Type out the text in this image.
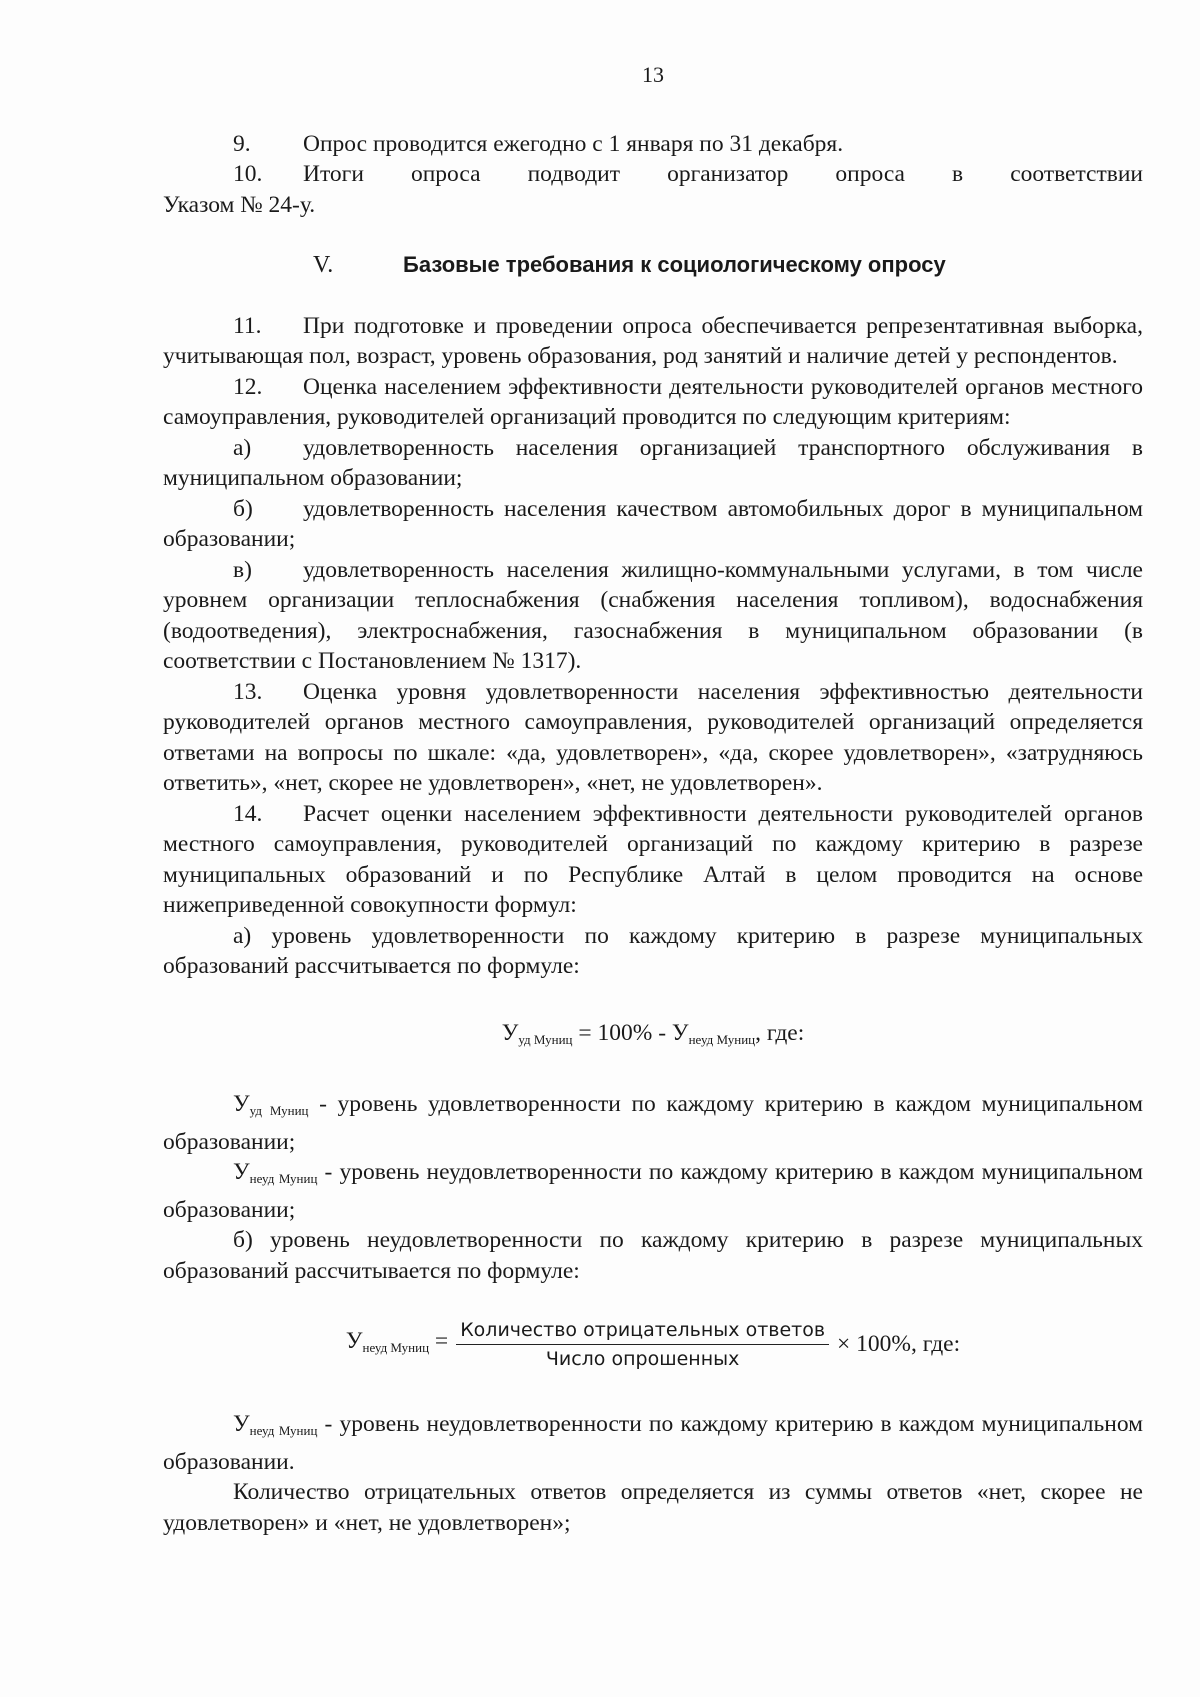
13

9. Опрос проводится ежегодно с 1 января по 31 декабря.

10. Итоги опроса подводит организатор опроса в соответствии

Указом № 24-у.

V.	Базовые требования к социологическому опросу

11. При подготовке и проведении опроса обеспечивается репрезентативная выборка, учитывающая пол, возраст, уровень образования, род занятий и наличие детей у респондентов.

12. Оценка населением эффективности деятельности руководителей органов местного самоуправления, руководителей организаций проводится по следующим критериям:

а) удовлетворенность населения организацией транспортного обслуживания в муниципальном образовании;

б) удовлетворенность населения качеством автомобильных дорог в муниципальном образовании;

в) удовлетворенность населения жилищно-коммунальными услугами, в том числе уровнем организации теплоснабжения (снабжения населения топливом), водоснабжения (водоотведения), электроснабжения, газоснабжения в муниципальном образовании (в соответствии с Постановлением № 1317).

13. Оценка уровня удовлетворенности населения эффективностью деятельности руководителей органов местного самоуправления, руководителей организаций определяется ответами на вопросы по шкале: «да, удовлетворен», «да, скорее удовлетворен», «затрудняюсь ответить», «нет, скорее не удовлетворен», «нет, не удовлетворен».

14. Расчет оценки населением эффективности деятельности руководителей органов местного самоуправления, руководителей организаций по каждому критерию в разрезе муниципальных образований и по Республике Алтай в целом проводится на основе нижеприведенной совокупности формул:

а) уровень удовлетворенности по каждому критерию в разрезе муниципальных образований рассчитывается по формуле:

$У_{уд Муниц} = 100\% - У_{неуд Муниц}$, где:

$У_{уд Муниц}$ - уровень удовлетворенности по каждому критерию в каждом муниципальном образовании;

$У_{неуд Муниц}$ - уровень неудовлетворенности по каждому критерию в каждом муниципальном образовании;

б) уровень неудовлетворенности по каждому критерию в разрезе муниципальных образований рассчитывается по формуле:

$У_{неуд Муниц} = \frac{\text{Количество отрицательных ответов}}{\text{Число опрошенных}} \times 100\%$, где:

$У_{неуд Муниц}$ - уровень неудовлетворенности по каждому критерию в каждом муниципальном образовании.

Количество отрицательных ответов определяется из суммы ответов «нет, скорее не удовлетворен» и «нет, не удовлетворен»;
